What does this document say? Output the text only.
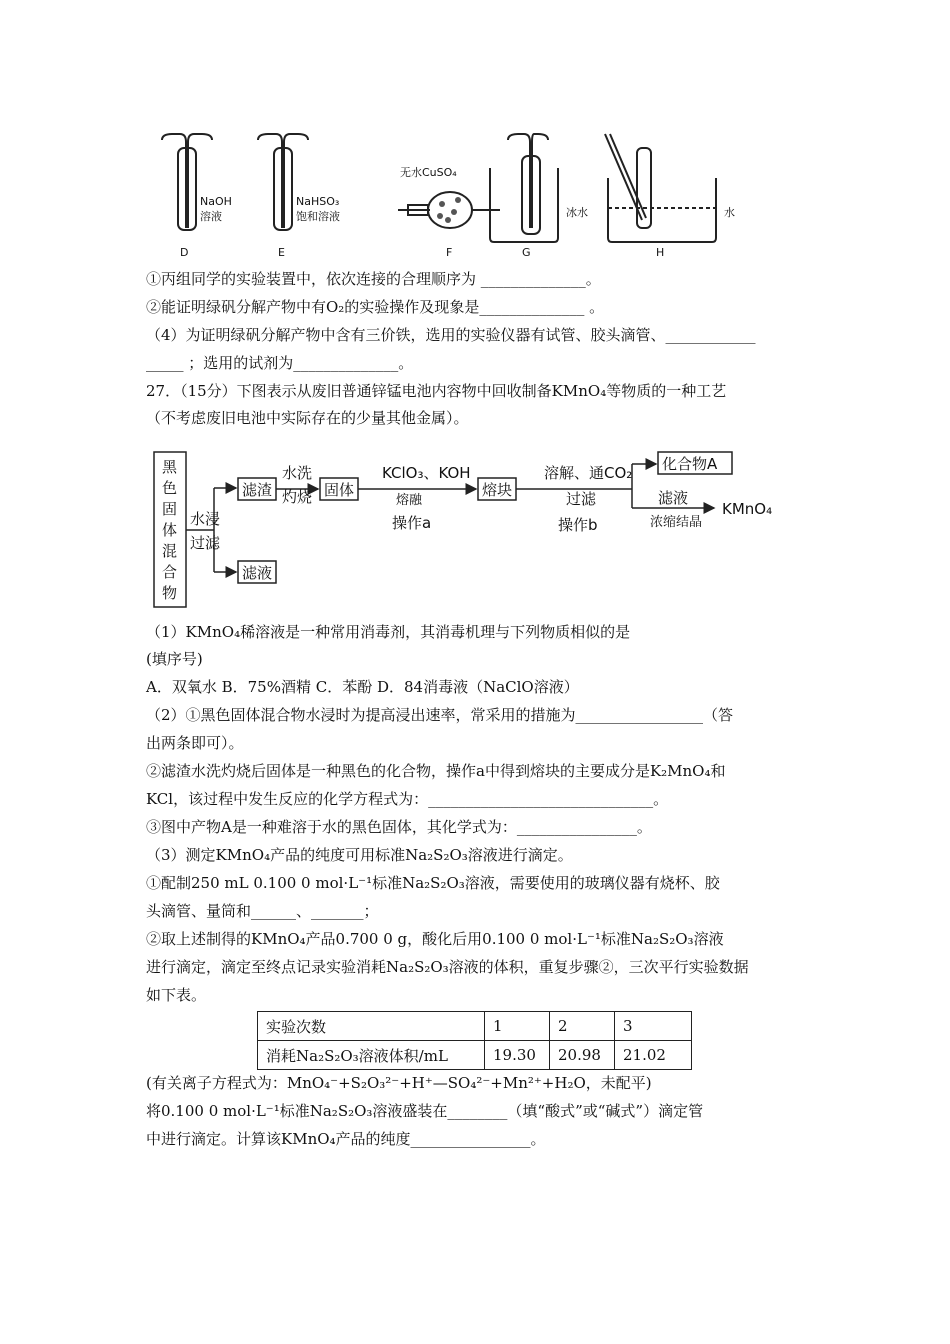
D	E	F	G	H
NaOH
溶液
NaHSO₃
饱和溶液
无水CuSO₄
冰水	水
①丙组同学的实验装置中，依次连接的合理顺序为 ______________。
②能证明绿矾分解产物中有O₂的实验操作及现象是______________ 。
（4）为证明绿矾分解产物中含有三价铁，选用的实验仪器有试管、胶头滴管、____________
_____ ；选用的试剂为______________。
27．（15分）下图表示从废旧普通锌锰电池内容物中回收制备KMnO₄等物质的一种工艺
（不考虑废旧电池中实际存在的少量其他金属）。
黑
色
固
体
混
合
物
水浸
过滤
滤渣
滤液
水洗
灼烧 固体
KClO₃、KOH
熔融
操作a
熔块
溶解、通CO₂
过滤
操作b
化合物A
滤液
浓缩结晶
KMnO₄
（1）KMnO₄稀溶液是一种常用消毒剂，其消毒机理与下列物质相似的是
(填序号)
A．双氧水 B．75%酒精 C．苯酚 D．84消毒液（NaClO溶液）
（2）①黑色固体混合物水浸时为提高浸出速率，常采用的措施为_________________（答
出两条即可）。
②滤渣水洗灼烧后固体是一种黑色的化合物，操作a中得到熔块的主要成分是K₂MnO₄和
KCl，该过程中发生反应的化学方程式为：______________________________。
③图中产物A是一种难溶于水的黑色固体，其化学式为：________________。
（3）测定KMnO₄产品的纯度可用标准Na₂S₂O₃溶液进行滴定。
①配制250 mL 0.100 0 mol·L⁻¹标准Na₂S₂O₃溶液，需要使用的玻璃仪器有烧杯、胶
头滴管、量筒和______、_______；
②取上述制得的KMnO₄产品0.700 0 g，酸化后用0.100 0 mol·L⁻¹标准Na₂S₂O₃溶液
进行滴定，滴定至终点记录实验消耗Na₂S₂O₃溶液的体积，重复步骤②，三次平行实验数据
如下表。
实验次数	1	2	3
消耗Na₂S₂O₃溶液体积/mL	19.30	20.98	21.02
(有关离子方程式为：MnO₄⁻+S₂O₃²⁻+H⁺—SO₄²⁻+Mn²⁺+H₂O，未配平)
将0.100 0 mol·L⁻¹标准Na₂S₂O₃溶液盛装在________（填“酸式”或“碱式”）滴定管
中进行滴定。计算该KMnO₄产品的纯度________________。
